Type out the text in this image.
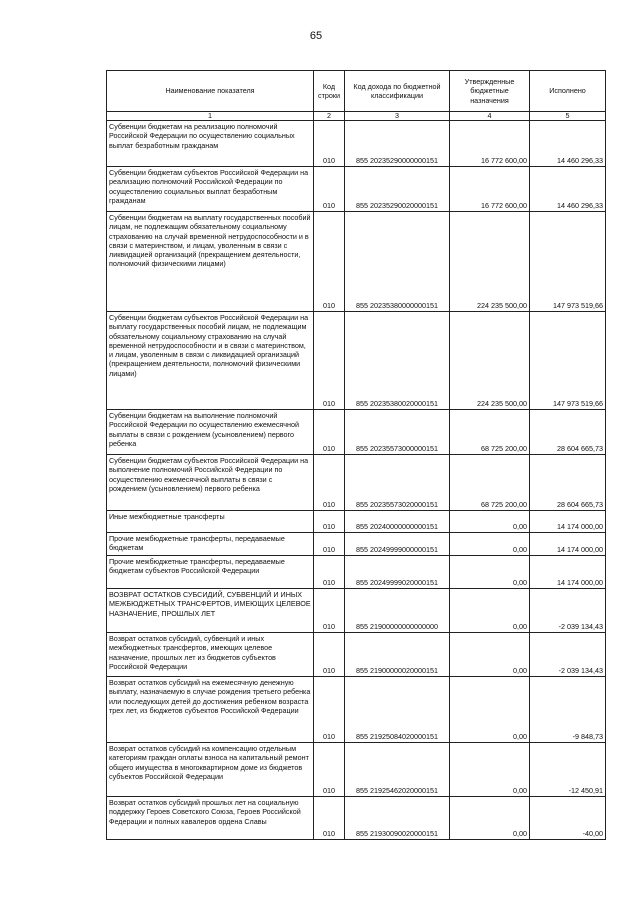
65
Наименование показателя	Код строки	Код дохода по бюджетной классификации	Утвержденные бюджетные назначения	Исполнено
1	2	3	4	5
Субвенции бюджетам на реализацию полномочий Российской Федерации по осуществлению социальных выплат безработным гражданам	010	855 20235290000000151	16 772 600,00	14 460 296,33
Субвенции бюджетам субъектов Российской Федерации на реализацию полномочий Российской Федерации по осуществлению социальных выплат безработным гражданам	010	855 20235290020000151	16 772 600,00	14 460 296,33
Субвенции бюджетам на выплату государственных пособий лицам, не подлежащим обязательному социальному страхованию на случай временной нетрудоспособности и в связи с материнством, и лицам, уволенным в связи с ликвидацией организаций (прекращением деятельности, полномочий физическими лицами)	010	855 20235380000000151	224 235 500,00	147 973 519,66
Субвенции бюджетам субъектов Российской Федерации на выплату государственных пособий лицам, не подлежащим обязательному социальному страхованию на случай временной нетрудоспособности и в связи с материнством, и лицам, уволенным в связи с ликвидацией организаций (прекращением деятельности, полномочий физическими лицами)	010	855 20235380020000151	224 235 500,00	147 973 519,66
Субвенции бюджетам на выполнение полномочий Российской Федерации по осуществлению ежемесячной выплаты в связи с рождением (усыновлением) первого ребенка	010	855 20235573000000151	68 725 200,00	28 604 665,73
Субвенции бюджетам субъектов Российской Федерации на выполнение полномочий Российской Федерации по осуществлению ежемесячной выплаты в связи с рождением (усыновлением) первого ребенка	010	855 20235573020000151	68 725 200,00	28 604 665,73
Иные межбюджетные трансферты	010	855 20240000000000151	0,00	14 174 000,00
Прочие межбюджетные трансферты, передаваемые бюджетам	010	855 20249999000000151	0,00	14 174 000,00
Прочие межбюджетные трансферты, передаваемые бюджетам субъектов Российской Федерации	010	855 20249999020000151	0,00	14 174 000,00
ВОЗВРАТ ОСТАТКОВ СУБСИДИЙ, СУБВЕНЦИЙ И ИНЫХ МЕЖБЮДЖЕТНЫХ ТРАНСФЕРТОВ, ИМЕЮЩИХ ЦЕЛЕВОЕ НАЗНАЧЕНИЕ, ПРОШЛЫХ ЛЕТ	010	855 21900000000000000	0,00	-2 039 134,43
Возврат остатков субсидий, субвенций и иных межбюджетных трансфертов, имеющих целевое назначение, прошлых лет из бюджетов субъектов Российской Федерации	010	855 21900000020000151	0,00	-2 039 134,43
Возврат остатков субсидий на ежемесячную денежную выплату, назначаемую в случае рождения третьего ребенка или последующих детей до достижения ребенком возраста трех лет, из бюджетов субъектов Российской Федерации	010	855 21925084020000151	0,00	-9 848,73
Возврат остатков субсидий на компенсацию отдельным категориям граждан оплаты взноса на капитальный ремонт общего имущества в многоквартирном доме из бюджетов субъектов Российской Федерации	010	855 21925462020000151	0,00	-12 450,91
Возврат остатков субсидий прошлых лет на социальную поддержку Героев Советского Союза, Героев Российской Федерации и полных кавалеров ордена Славы	010	855 21930090020000151	0,00	-40,00
